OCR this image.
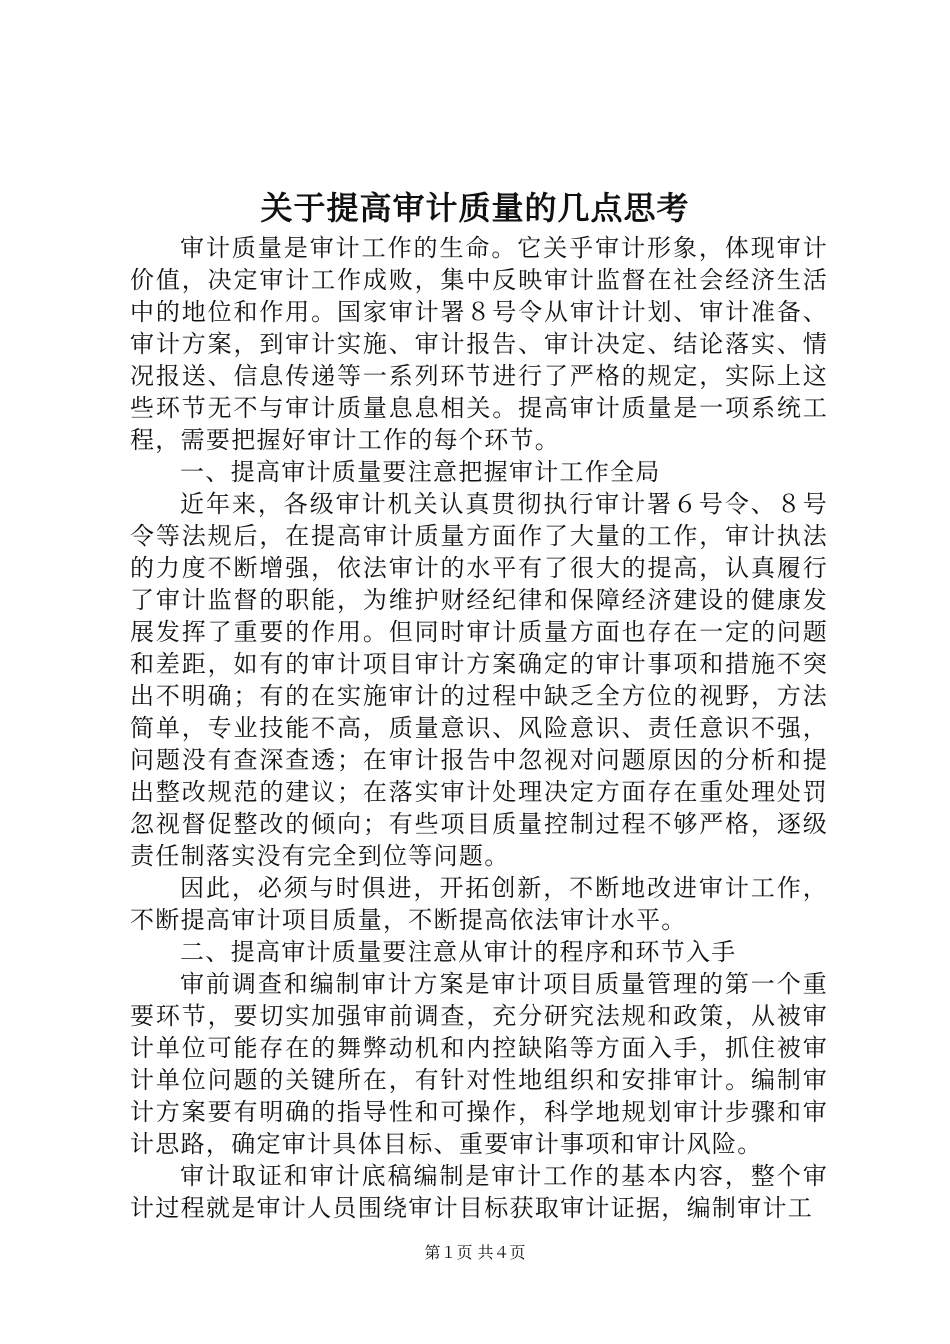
关于提高审计质量的几点思考

审计质量是审计工作的生命。它关乎审计形象，体现审计价值，决定审计工作成败，集中反映审计监督在社会经济生活中的地位和作用。国家审计署８号令从审计计划、审计准备、审计方案，到审计实施、审计报告、审计决定、结论落实、情况报送、信息传递等一系列环节进行了严格的规定，实际上这些环节无不与审计质量息息相关。提高审计质量是一项系统工程，需要把握好审计工作的每个环节。

一、提高审计质量要注意把握审计工作全局

近年来，各级审计机关认真贯彻执行审计署６号令、８号令等法规后，在提高审计质量方面作了大量的工作，审计执法的力度不断增强，依法审计的水平有了很大的提高，认真履行了审计监督的职能，为维护财经纪律和保障经济建设的健康发展发挥了重要的作用。但同时审计质量方面也存在一定的问题和差距，如有的审计项目审计方案确定的审计事项和措施不突出不明确；有的在实施审计的过程中缺乏全方位的视野，方法简单，专业技能不高，质量意识、风险意识、责任意识不强，问题没有查深查透；在审计报告中忽视对问题原因的分析和提出整改规范的建议；在落实审计处理决定方面存在重处理处罚忽视督促整改的倾向；有些项目质量控制过程不够严格，逐级责任制落实没有完全到位等问题。

因此，必须与时俱进，开拓创新，不断地改进审计工作，不断提高审计项目质量，不断提高依法审计水平。

二、提高审计质量要注意从审计的程序和环节入手

审前调查和编制审计方案是审计项目质量管理的第一个重要环节，要切实加强审前调查，充分研究法规和政策，从被审计单位可能存在的舞弊动机和内控缺陷等方面入手，抓住被审计单位问题的关键所在，有针对性地组织和安排审计。编制审计方案要有明确的指导性和可操作，科学地规划审计步骤和审计思路，确定审计具体目标、重要审计事项和审计风险。

审计取证和审计底稿编制是审计工作的基本内容，整个审计过程就是审计人员围绕审计目标获取审计证据，编制审计工

第１页 共４页
